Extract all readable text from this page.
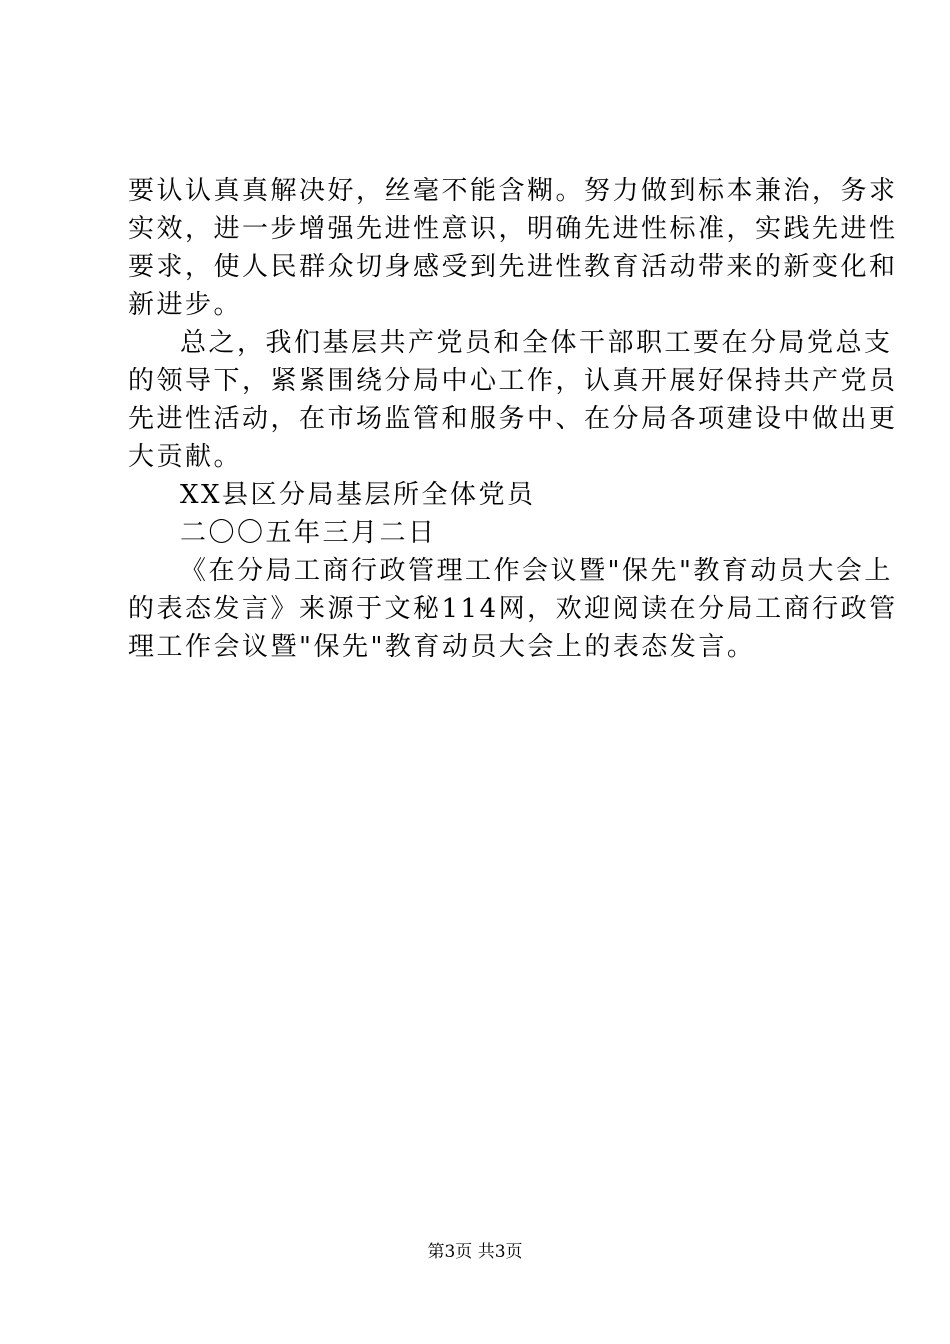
要认认真真解决好，丝毫不能含糊。努力做到标本兼治，务求
实效，进一步增强先进性意识，明确先进性标准，实践先进性
要求，使人民群众切身感受到先进性教育活动带来的新变化和
新进步。
总之，我们基层共产党员和全体干部职工要在分局党总支
的领导下，紧紧围绕分局中心工作，认真开展好保持共产党员
先进性活动，在市场监管和服务中、在分局各项建设中做出更
大贡献。
XX县区分局基层所全体党员
二〇〇五年三月二日
《在分局工商行政管理工作会议暨"保先"教育动员大会上
的表态发言》来源于文秘114网，欢迎阅读在分局工商行政管
理工作会议暨"保先"教育动员大会上的表态发言。
第3页 共3页
